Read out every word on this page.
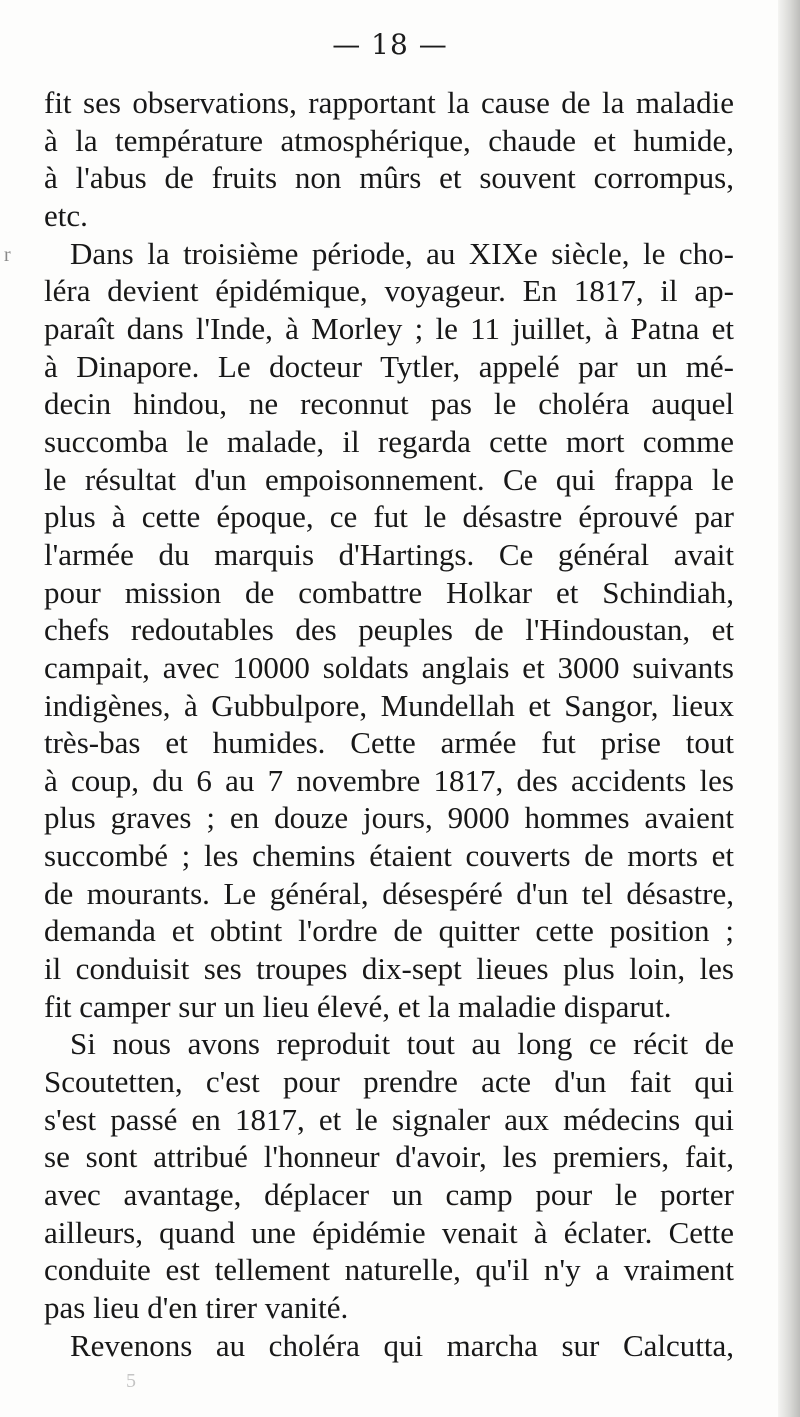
r
— 18 —
fit ses observations, rapportant la cause de la maladie
à la température atmosphérique, chaude et humide,
à l'abus de fruits non mûrs et souvent corrompus,
etc.
Dans la troisième période, au XIXe siècle, le cho-
léra devient épidémique, voyageur. En 1817, il ap-
paraît dans l'Inde, à Morley ; le 11 juillet, à Patna et
à Dinapore. Le docteur Tytler, appelé par un mé-
decin hindou, ne reconnut pas le choléra auquel
succomba le malade, il regarda cette mort comme
le résultat d'un empoisonnement. Ce qui frappa le
plus à cette époque, ce fut le désastre éprouvé par
l'armée du marquis d'Hartings. Ce général avait
pour mission de combattre Holkar et Schindiah,
chefs redoutables des peuples de l'Hindoustan, et
campait, avec 10000 soldats anglais et 3000 suivants
indigènes, à Gubbulpore, Mundellah et Sangor, lieux
très-bas et humides. Cette armée fut prise tout
à coup, du 6 au 7 novembre 1817, des accidents les
plus graves ; en douze jours, 9000 hommes avaient
succombé ; les chemins étaient couverts de morts et
de mourants. Le général, désespéré d'un tel désastre,
demanda et obtint l'ordre de quitter cette position ;
il conduisit ses troupes dix-sept lieues plus loin, les
fit camper sur un lieu élevé, et la maladie disparut.
Si nous avons reproduit tout au long ce récit de
Scoutetten, c'est pour prendre acte d'un fait qui
s'est passé en 1817, et le signaler aux médecins qui
se sont attribué l'honneur d'avoir, les premiers, fait,
avec avantage, déplacer un camp pour le porter
ailleurs, quand une épidémie venait à éclater. Cette
conduite est tellement naturelle, qu'il n'y a vraiment
pas lieu d'en tirer vanité.
Revenons au choléra qui marcha sur Calcutta,
5
